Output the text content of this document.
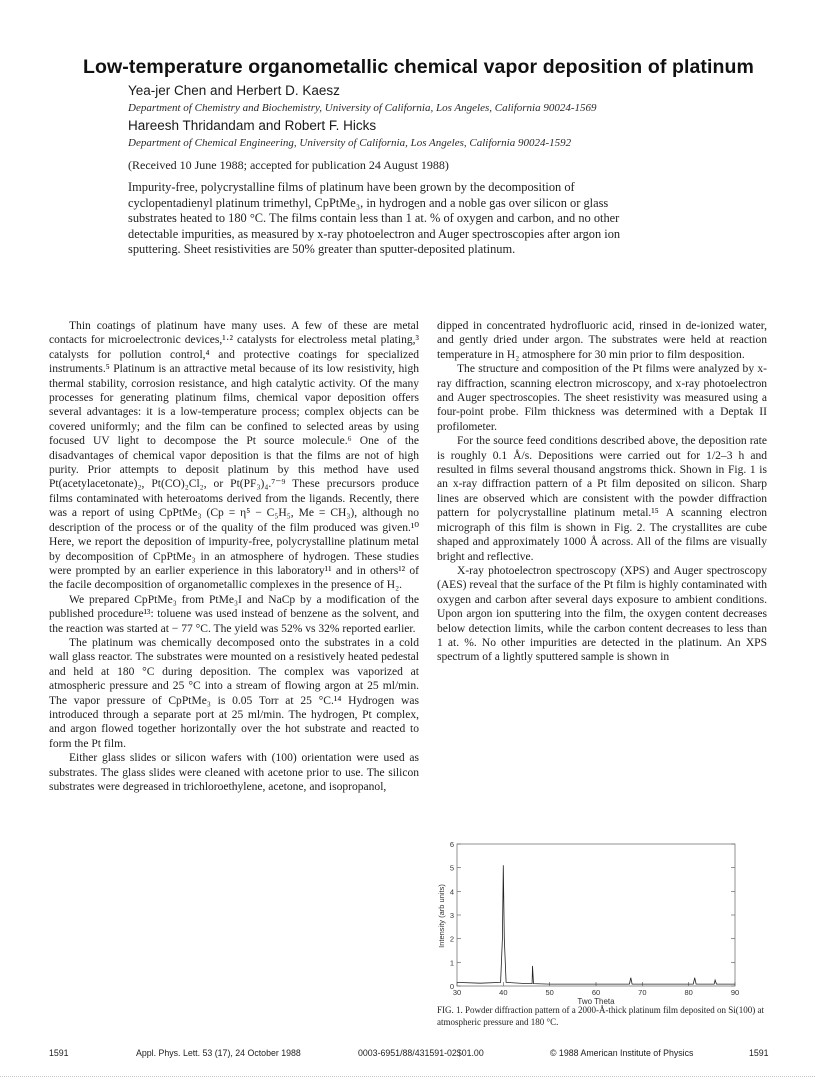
Low-temperature organometallic chemical vapor deposition of platinum
Yea-jer Chen and Herbert D. Kaesz
Department of Chemistry and Biochemistry, University of California, Los Angeles, California 90024-1569
Hareesh Thridandam and Robert F. Hicks
Department of Chemical Engineering, University of California, Los Angeles, California 90024-1592
(Received 10 June 1988; accepted for publication 24 August 1988)

Impurity-free, polycrystalline films of platinum have been grown by the decomposition of cyclopentadienyl platinum trimethyl, CpPtMe₃, in hydrogen and a noble gas over silicon or glass substrates heated to 180 °C. The films contain less than 1 at. % of oxygen and carbon, and no other detectable impurities, as measured by x-ray photoelectron and Auger spectroscopies after argon ion sputtering. Sheet resistivities are 50% greater than sputter-deposited platinum.

Thin coatings of platinum have many uses. A few of these are metal contacts for microelectronic devices,¹·² catalysts for electroless metal plating,³ catalysts for pollution control,⁴ and protective coatings for specialized instruments.⁵ Platinum is an attractive metal because of its low resistivity, high thermal stability, corrosion resistance, and high catalytic activity. Of the many processes for generating platinum films, chemical vapor deposition offers several advantages: it is a low-temperature process; complex objects can be covered uniformly; and the film can be confined to selected areas by using focused UV light to decompose the Pt source molecule.⁶ One of the disadvantages of chemical vapor deposition is that the films are not of high purity. Prior attempts to deposit platinum by this method have used Pt(acetylacetonate)₂, Pt(CO)₂Cl₂, or Pt(PF₃)₄.⁷⁻⁹ These precursors produce films contaminated with heteroatoms derived from the ligands. Recently, there was a report of using CpPtMe₃ (Cp = η⁵ − C₅H₅, Me = CH₃), although no description of the process or of the quality of the film produced was given.¹⁰ Here, we report the deposition of impurity-free, polycrystalline platinum metal by decomposition of CpPtMe₃ in an atmosphere of hydrogen. These studies were prompted by an earlier experience in this laboratory¹¹ and in others¹² of the facile decomposition of organometallic complexes in the presence of H₂.

We prepared CpPtMe₃ from PtMe₃I and NaCp by a modification of the published procedure¹³: toluene was used instead of benzene as the solvent, and the reaction was started at − 77 °C. The yield was 52% vs 32% reported earlier.

The platinum was chemically decomposed onto the substrates in a cold wall glass reactor. The substrates were mounted on a resistively heated pedestal and held at 180 °C during deposition. The complex was vaporized at atmospheric pressure and 25 °C into a stream of flowing argon at 25 ml/min. The vapor pressure of CpPtMe₃ is 0.05 Torr at 25 °C.¹⁴ Hydrogen was introduced through a separate port at 25 ml/min. The hydrogen, Pt complex, and argon flowed together horizontally over the hot substrate and reacted to form the Pt film.

Either glass slides or silicon wafers with (100) orientation were used as substrates. The glass slides were cleaned with acetone prior to use. The silicon substrates were degreased in trichloroethylene, acetone, and isopropanol,

dipped in concentrated hydrofluoric acid, rinsed in de-ionized water, and gently dried under argon. The substrates were held at reaction temperature in H₂ atmosphere for 30 min prior to film desposition.

The structure and composition of the Pt films were analyzed by x-ray diffraction, scanning electron microscopy, and x-ray photoelectron and Auger spectroscopies. The sheet resistivity was measured using a four-point probe. Film thickness was determined with a Deptak II profilometer.

For the source feed conditions described above, the deposition rate is roughly 0.1 Å/s. Depositions were carried out for 1/2–3 h and resulted in films several thousand angstroms thick. Shown in Fig. 1 is an x-ray diffraction pattern of a Pt film deposited on silicon. Sharp lines are observed which are consistent with the powder diffraction pattern for polycrystalline platinum metal.¹⁵ A scanning electron micrograph of this film is shown in Fig. 2. The crystallites are cube shaped and approximately 1000 Å across. All of the films are visually bright and reflective.

X-ray photoelectron spectroscopy (XPS) and Auger spectroscopy (AES) reveal that the surface of the Pt film is highly contaminated with oxygen and carbon after several days exposure to ambient conditions. Upon argon ion sputtering into the film, the oxygen content decreases below detection limits, while the carbon content decreases to less than 1 at. %. No other impurities are detected in the platinum. An XPS spectrum of a lightly sputtered sample is shown in

30	40	50	60	70	80	90
0
1
2
3
4
5
6
Two Theta
Intensity (arb units)
FIG. 1. Powder diffraction pattern of a 2000-Å-thick platinum film deposited on Si(100) at atmospheric pressure and 180 °C.
1591	Appl. Phys. Lett. 53 (17), 24 October 1988	0003-6951/88/431591-02$01.00	© 1988 American Institute of Physics	1591
